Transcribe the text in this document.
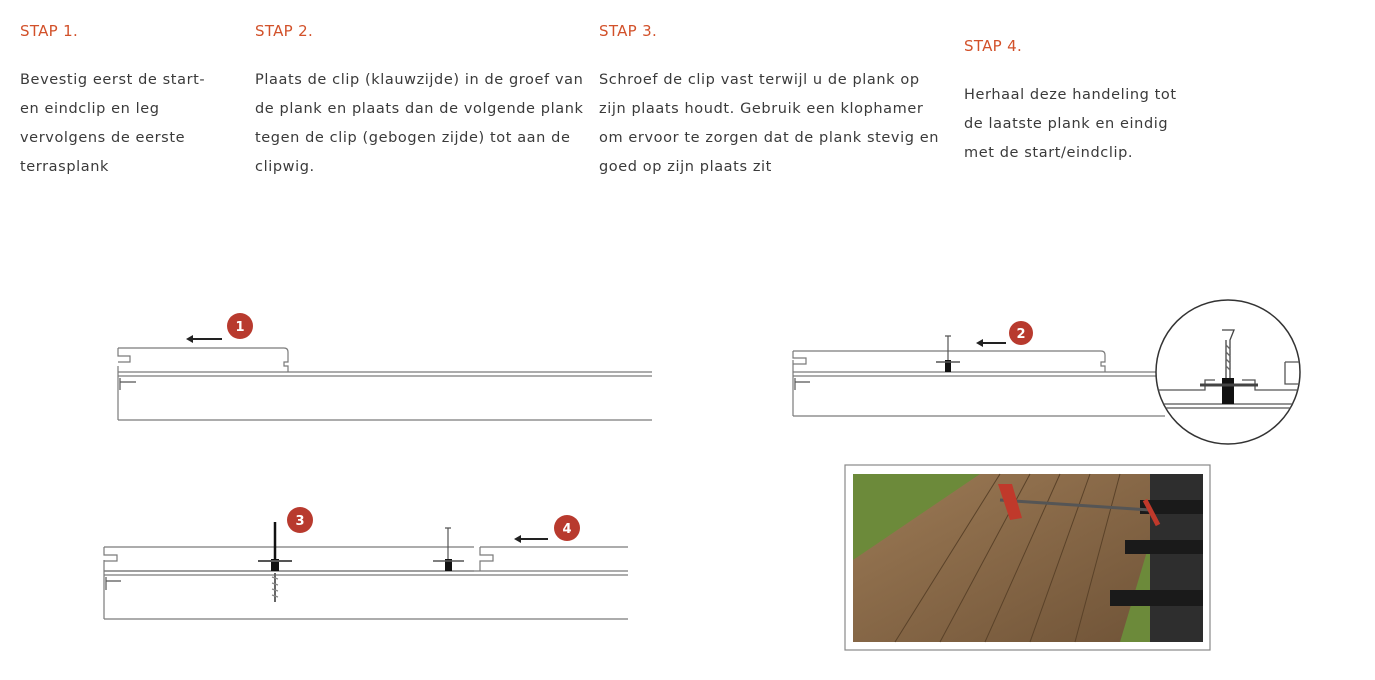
STAP 1.

Bevestig eerst de start- en eindclip en leg vervolgens de eerste terrasplank

STAP 2.

Plaats de clip (klauwzijde) in de groef van de plank en plaats dan de volgende plank tegen de clip (gebogen zijde) tot aan de clipwig.

STAP 3.

Schroef de clip vast terwijl u de plank op zijn plaats houdt. Gebruik een klophamer om ervoor te zorgen dat de plank stevig en goed op zijn plaats zit

STAP 4.

Herhaal deze handeling tot de laatste plank en eindig met de start/eindclip.

1	2
3
4
